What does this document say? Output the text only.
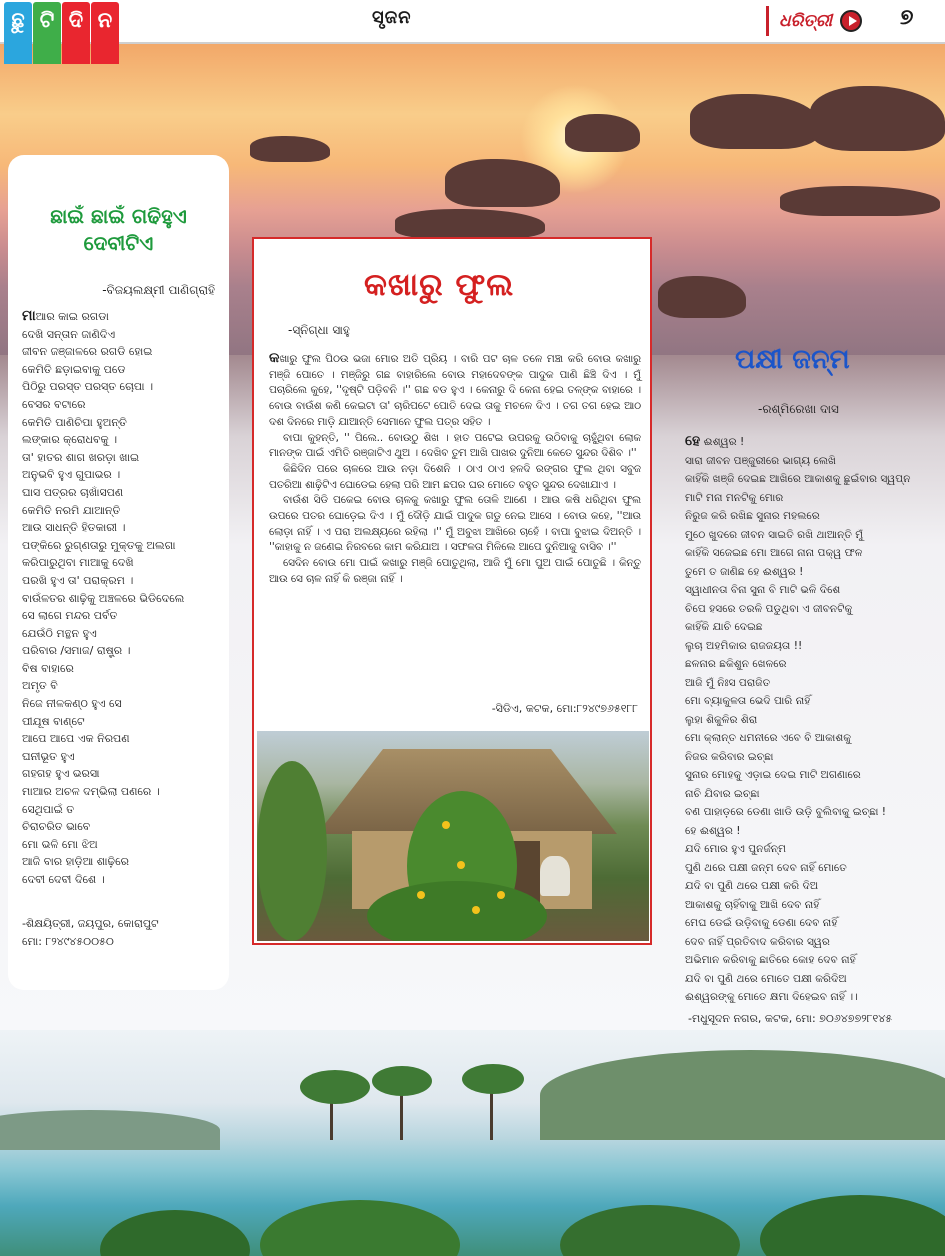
ଛୁ ଟି ଦି ନ	ସୃଜନ	ଧରିତ୍ରୀ	୭
ଛାଇଁ ଛାଇଁ ଗଢିହୁଏ
ଦେବୀଟିଏ
-ବିଜୟଲକ୍ଷ୍ମୀ ପାଣିଗ୍ରାହି
ମାଆର କାଇ ରଗଡା
ଦେଖି ସନ୍ତାନ ଜାଣିଦିଏ
ଜୀବନ ଜଞ୍ଜାଳରେ ରଗଡି ହୋଇ
କେମିତି ଛଡ଼ାଇବାକୁ ପଡେ
ପିଠିରୁ ପରସ୍ତ ପରସ୍ତ ଚୋପା ।
ବେସର ବଟାରେ
କେମିତି ପାଣିଚିପା ହୁଅନ୍ତି
ଲଙ୍କାର କ୍ରୋଧବକୁ ।
ତା' ହାତର ଶାଗ ଖରଡ଼ା ଖାଇ
ଅନୁଭବି ହୁଏ ଗୁପାଭର ।
ଘାସ ପତ୍ରର ଚାଖାଁସପଣ
କେମିତି ନରମି ଯାଆନ୍ତି
ଆଉ ସାଧନ୍ତି ହିତକାରୀ ।
ପଙ୍କିରେ ରୁଗ୍ଣତାରୁ ମୁକ୍ତକୁ ଅଲଗା
କରିପାରୁଥିବା ମାଆକୁ ଦେଖି
ପରଖି ହୁଏ ତା' ପରାକ୍ରମ ।
ବାଉଁଳତର ଶାଢ଼ିକୁ ଅଞ୍ଚଳରେ ଭିଡିଦେଲେ
ସେ ଲାଗେ ମନ୍ଦର ପର୍ବତ
ଯେଉଁଠି ମନ୍ଥନ ହୁଏ
ପରିବାର /ସମାଜ/ ରାଷ୍ଟ୍ର ।
ବିଷ ବାହାରେ
ଅମୃତ ବି
ନିଜେ ନୀଳକଣ୍ଠ ହୁଏ ସେ
ପୀଯୂଷ ବାଣ୍ଟେ
ଆପେ ଆପେ ଏକ ନିରପଣ
ଘନୀଭୂତ ହୁଏ
ଗହଗହ ହୁଏ ଭରସା
ମାଆର ଅଚଳ ଦମ୍ଭିଲା ପଣରେ ।
ସେଥିପାଇଁ ତ
ଚିରାଚରିତ ଭାବେ
ମୋ ଭଳି ମୋ ଝିଅ
ଆଜି ବାର ହାଡ଼ିଆ ଶାଢ଼ିରେ
ଦେବୀ ଦେବୀ ଦିଶେ ।
-ଶିକ୍ଷୟିତ୍ରୀ, ଜୟପୁର, କୋରାପୁଟ
ମୋ: ୮୨୪୯୪୫୦୦୫୦
କଖାରୁ ଫୁଲ
-ସ୍ନିଗ୍ଧା ସାହୁ

କଖାରୁ ଫୁଲ ପିଠଉ ଭଜା ମୋର ଅତି ପ୍ରିୟ । ବାରି ପଟ ଚାଳ ତଳେ ମଞ୍ଚା କରି ବୋଉ କଖାରୁ ମଞ୍ଜି ପୋତେ । ମଞ୍ଜିରୁ ଗଛ ବାହାରିଲେ ବୋଉ ମହାଦେବଙ୍କ ପାଦୁକ ପାଣି ଛିଞ୍ଚି ଦିଏ । ମୁଁ ପଚାରିଲେ କୁହେ, ''ଦୃଷ୍ଟି ପଡ଼ିବନି ।'' ଗଛ ବଡ ହୁଏ । କେନାରୁ ଦି କେନା ହେଇ ତଳ୍ଙ୍କ ବାହାରେ । ବୋଉ ବାଉଁଶ କଣି କେଇଟା ତା' ଚାରିପଟେ ପୋତି ଦେଇ ତାକୁ ମଚଳେ ଦିଏ । ତଗ ତଗ ହେଇ ଆଠ ଦଶ ଦିନରେ ମାଡ଼ି ଯାଆନ୍ତି ସେମାନେ ଫୁଲ ପତ୍ର ସହିତ ।

ବାପା କୁହନ୍ତି, '' ପିଲେ.. ବୋଉଠୁ ଶିଖ । ହାତ ପଟେଇ ଉପରକୁ ଉଠିବାକୁ ଚାହୁଁଥିବା ଲୋକ ମାନଙ୍କ ପାଇଁ ଏମିତି ରଞ୍ଜାଟିଏ ଥୁଅ । ଦେଖିବ ତୁମ ଆଖି ପାଖର ଦୁନିଆ କେତେ ସୁନ୍ଦର ଦିଶିବ ।''

କିଛିଦିନ ପରେ ଚାଳରେ ଆଉ ନଡ଼ା ଦିଶେନି । ଠାଏ ଠାଏ ହଳଦି ରଙ୍ଗର ଫୁଲ ଥିବା ସବୁଜ ପତରିଆ ଶାଢ଼ିଟିଏ ଘୋଡେଇ ହେଲା ପରି ଆମ ଛପର ଘର ମୋତେ ବହୁତ ସୁନ୍ଦର ଦେଖାଯାଏ ।

ବାଉଁଶ ସିଡି ପକେଇ ବୋଉ ଚାଳକୁ କଖାରୁ ଫୁଲ ତୋଳି ଆଣେ । ଆଉ କଷି ଧରିଥିବା ଫୁଲ ଉପରେ ପତର ଘୋଡ଼େଇ ଦିଏ । ମୁଁ ଦୌଡ଼ି ଯାଇଁ ପାଦୁକ ଗଡୁ ନେଇ ଆସେ । ବୋଉ କହେ, ''ଆଉ ଲୋଡ଼ା ନାହିଁ । ଏ ପରା ଅଲକ୍ଷ୍ୟରେ ରହିଲା ।'' ମୁଁ ଅବୁଝା ଆଖିରେ ଚାହେଁ । ବାପା ବୁଝାଇ ଦିଅନ୍ତି । ''କାହାକୁ ନ ଜଣେଇ ନିରବରେ କାମ କରିଯାଅ । ସଫଳତା ମିଳିଲେ ଆପେ ଦୁନିଆକୁ ବାସିବ ।''

ସେଦିନ ବୋଉ ମୋ ପାଇଁ କଖାରୁ ମଞ୍ଜି ପୋତୁଥିଲା, ଆଜି ମୁଁ ମୋ ପୁଅ ପାଇଁ ପୋତୁଛି । କିନ୍ତୁ ଆଉ ସେ ଚାଳ ନାହିଁ କି ରଞ୍ଜା ନାହିଁ ।

-ସିଡିଏ, କଟକ, ମୋ:୮୨୪୯୭୬୫୧୮୮
ପକ୍ଷୀ ଜନ୍ମ
-ରଶ୍ମିରେଖା ଦାସ
ହେ ଈଶ୍ୱର !
ସାରା ଜୀବନ ପଞ୍ଜୁରୀରେ ଭାଗ୍ୟ ଲେଖି
କାହିଁକି ଖଞ୍ଜି ଦେଇଛ ଆଖିରେ ଆକାଶକୁ ଛୁଇଁବାର ସ୍ୱପ୍ନ
ମାଟି ମନା ମନଟିକୁ ମୋର
ନିରୁଜ କରି ରଖିଛ ସୁନାର ମହଲରେ
ମୁଠେ ଖୁଦରେ ଜୀବନ ସାଇତି ରଖି ଥାଆନ୍ତି ମୁଁ
କାହିଁକି ସଜେଇଛ ମୋ ଆଗେ ନାନା ପକ୍ୱ ଫଳ
ତୁମେ ତ ଜାଣିଛ ହେ ଈଶ୍ୱର !
ସ୍ୱାଧୀନତା ବିନା ସୁନା ବି ମାଟି ଭଳି ଦିଶେ
ଚିପେ ହସରେ ତରଳି ପଡୁଥିବା ଏ ଜୀବନଟିକୁ
କାହିଁକି ଯାଚି ଦେଇଛ
ଲୁଚା ଅହମିକାର ରାଜଜୟତା !!
ଛଳନାର ଛକିଶୁନ ଖେଳରେ
ଆଜି ମୁଁ ନିଃସ ପରାଜିତ
ମୋ ବ୍ୟାକୁଳତା ଭେଦି ପାରି ନାହିଁ
ଲୁହା ଶିକୁଳିର ଶିରା
ମୋ କ୍ଲାନ୍ତ ଧମନୀରେ ଏବେ ବି ଆକାଶକୁ
ନିଜର କରିବାର ଇଚ୍ଛା
ସୁନାର ମୋହକୁ ଏଡ଼ାଇ ଦେଇ ମାଟି ଅଗଣାରେ
ନାଚି ଯିବାର ଇଚ୍ଛା
ବଣ ପାହାଡ଼ରେ ଡେଣା ଖାଡି ଉଡ଼ି ବୁଲିବାକୁ ଇଚ୍ଛା !
ହେ ଈଶ୍ୱର !
ଯଦି ମୋର ହୁଏ ପୁନର୍ଜନ୍ମ
ପୁଣି ଥରେ ପକ୍ଷୀ ଜନ୍ମ ଦେବ ନାହିଁ ମୋତେ
ଯଦି ବା ପୁଣି ଥରେ ପକ୍ଷୀ କରି ଦିଅ
ଆକାଶକୁ ଚାହିଁବାକୁ ଆଖି ଦେବ ନାହିଁ
ମେଘ ଡେଇଁ ଉଡ଼ିବାକୁ ଡେଣା ଦେବ ନାହିଁ
ଦେବ ନାହିଁ ପ୍ରତିବାଦ କରିବାର ସ୍ୱର
ଅଭିମାନ କରିବାକୁ ଛାତିରେ କୋହ ଦେବ ନାହିଁ
ଯଦି ବା ପୁଣି ଥରେ ମୋତେ ପକ୍ଷୀ କରିଦିଅ
ଈଶ୍ୱରଙ୍କୁ ମୋତେ କ୍ଷମା ଦିହେଇବ ନାହିଁ ।।
-ମଧୁସୂଦନ ନଗର, କଟକ, ମୋ: ୭୦୬୪୭୭୨୮୧୪୫
